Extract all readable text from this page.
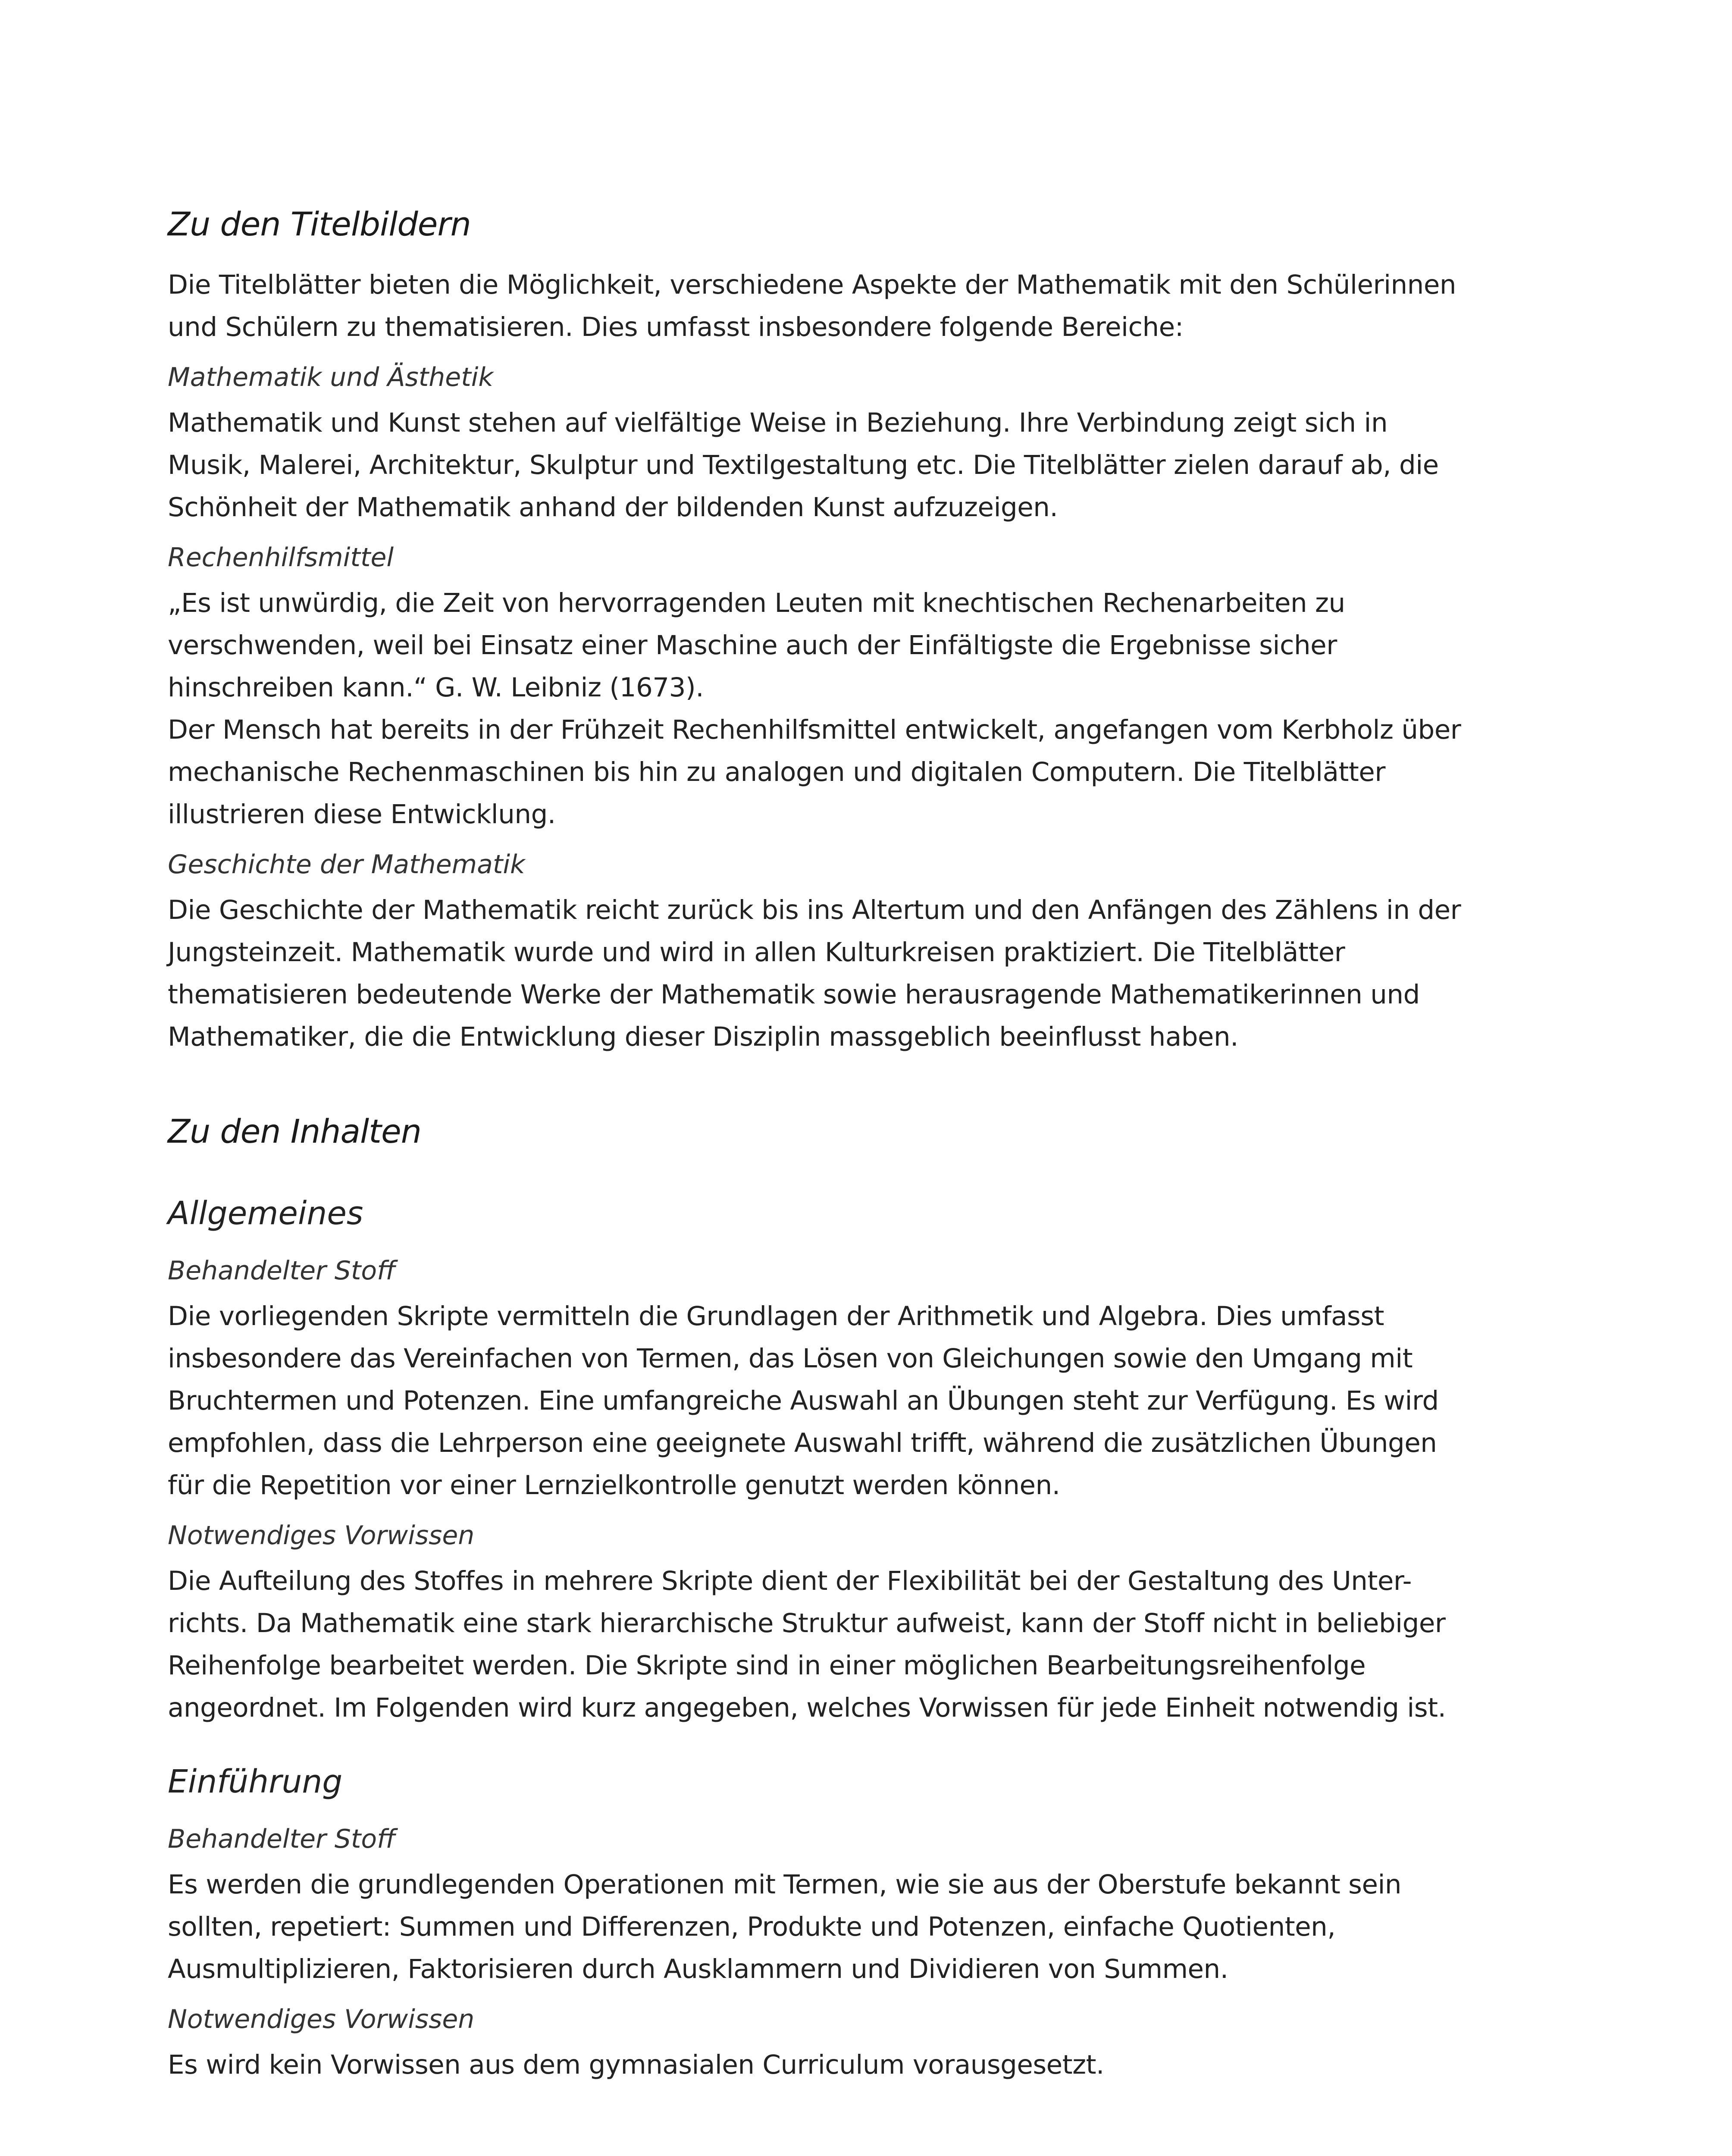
Zu den Titelbildern
Die Titelblätter bieten die Möglichkeit, verschiedene Aspekte der Mathematik mit den Schülerinnen
und Schülern zu thematisieren. Dies umfasst insbesondere folgende Bereiche:
Mathematik und Ästhetik
Mathematik und Kunst stehen auf vielfältige Weise in Beziehung. Ihre Verbindung zeigt sich in
Musik, Malerei, Architektur, Skulptur und Textilgestaltung etc. Die Titelblätter zielen darauf ab, die
Schönheit der Mathematik anhand der bildenden Kunst aufzuzeigen.
Rechenhilfsmittel
„Es ist unwürdig, die Zeit von hervorragenden Leuten mit knechtischen Rechenarbeiten zu
verschwenden, weil bei Einsatz einer Maschine auch der Einfältigste die Ergebnisse sicher
hinschreiben kann.“ G. W. Leibniz (1673).
Der Mensch hat bereits in der Frühzeit Rechenhilfsmittel entwickelt, angefangen vom Kerbholz über
mechanische Rechenmaschinen bis hin zu analogen und digitalen Computern. Die Titelblätter
illustrieren diese Entwicklung.
Geschichte der Mathematik
Die Geschichte der Mathematik reicht zurück bis ins Altertum und den Anfängen des Zählens in der
Jungsteinzeit. Mathematik wurde und wird in allen Kulturkreisen praktiziert. Die Titelblätter
thematisieren bedeutende Werke der Mathematik sowie herausragende Mathematikerinnen und
Mathematiker, die die Entwicklung dieser Disziplin massgeblich beeinflusst haben.
Zu den Inhalten
Allgemeines
Behandelter Stoff
Die vorliegenden Skripte vermitteln die Grundlagen der Arithmetik und Algebra. Dies umfasst
insbesondere das Vereinfachen von Termen, das Lösen von Gleichungen sowie den Umgang mit
Bruchtermen und Potenzen. Eine umfangreiche Auswahl an Übungen steht zur Verfügung. Es wird
empfohlen, dass die Lehrperson eine geeignete Auswahl trifft, während die zusätzlichen Übungen
für die Repetition vor einer Lernzielkontrolle genutzt werden können.
Notwendiges Vorwissen
Die Aufteilung des Stoffes in mehrere Skripte dient der Flexibilität bei der Gestaltung des Unter-
richts. Da Mathematik eine stark hierarchische Struktur aufweist, kann der Stoff nicht in beliebiger
Reihenfolge bearbeitet werden. Die Skripte sind in einer möglichen Bearbeitungsreihenfolge
angeordnet. Im Folgenden wird kurz angegeben, welches Vorwissen für jede Einheit notwendig ist.
Einführung
Behandelter Stoff
Es werden die grundlegenden Operationen mit Termen, wie sie aus der Oberstufe bekannt sein
sollten, repetiert: Summen und Differenzen, Produkte und Potenzen, einfache Quotienten,
Ausmultiplizieren, Faktorisieren durch Ausklammern und Dividieren von Summen.
Notwendiges Vorwissen
Es wird kein Vorwissen aus dem gymnasialen Curriculum vorausgesetzt.
